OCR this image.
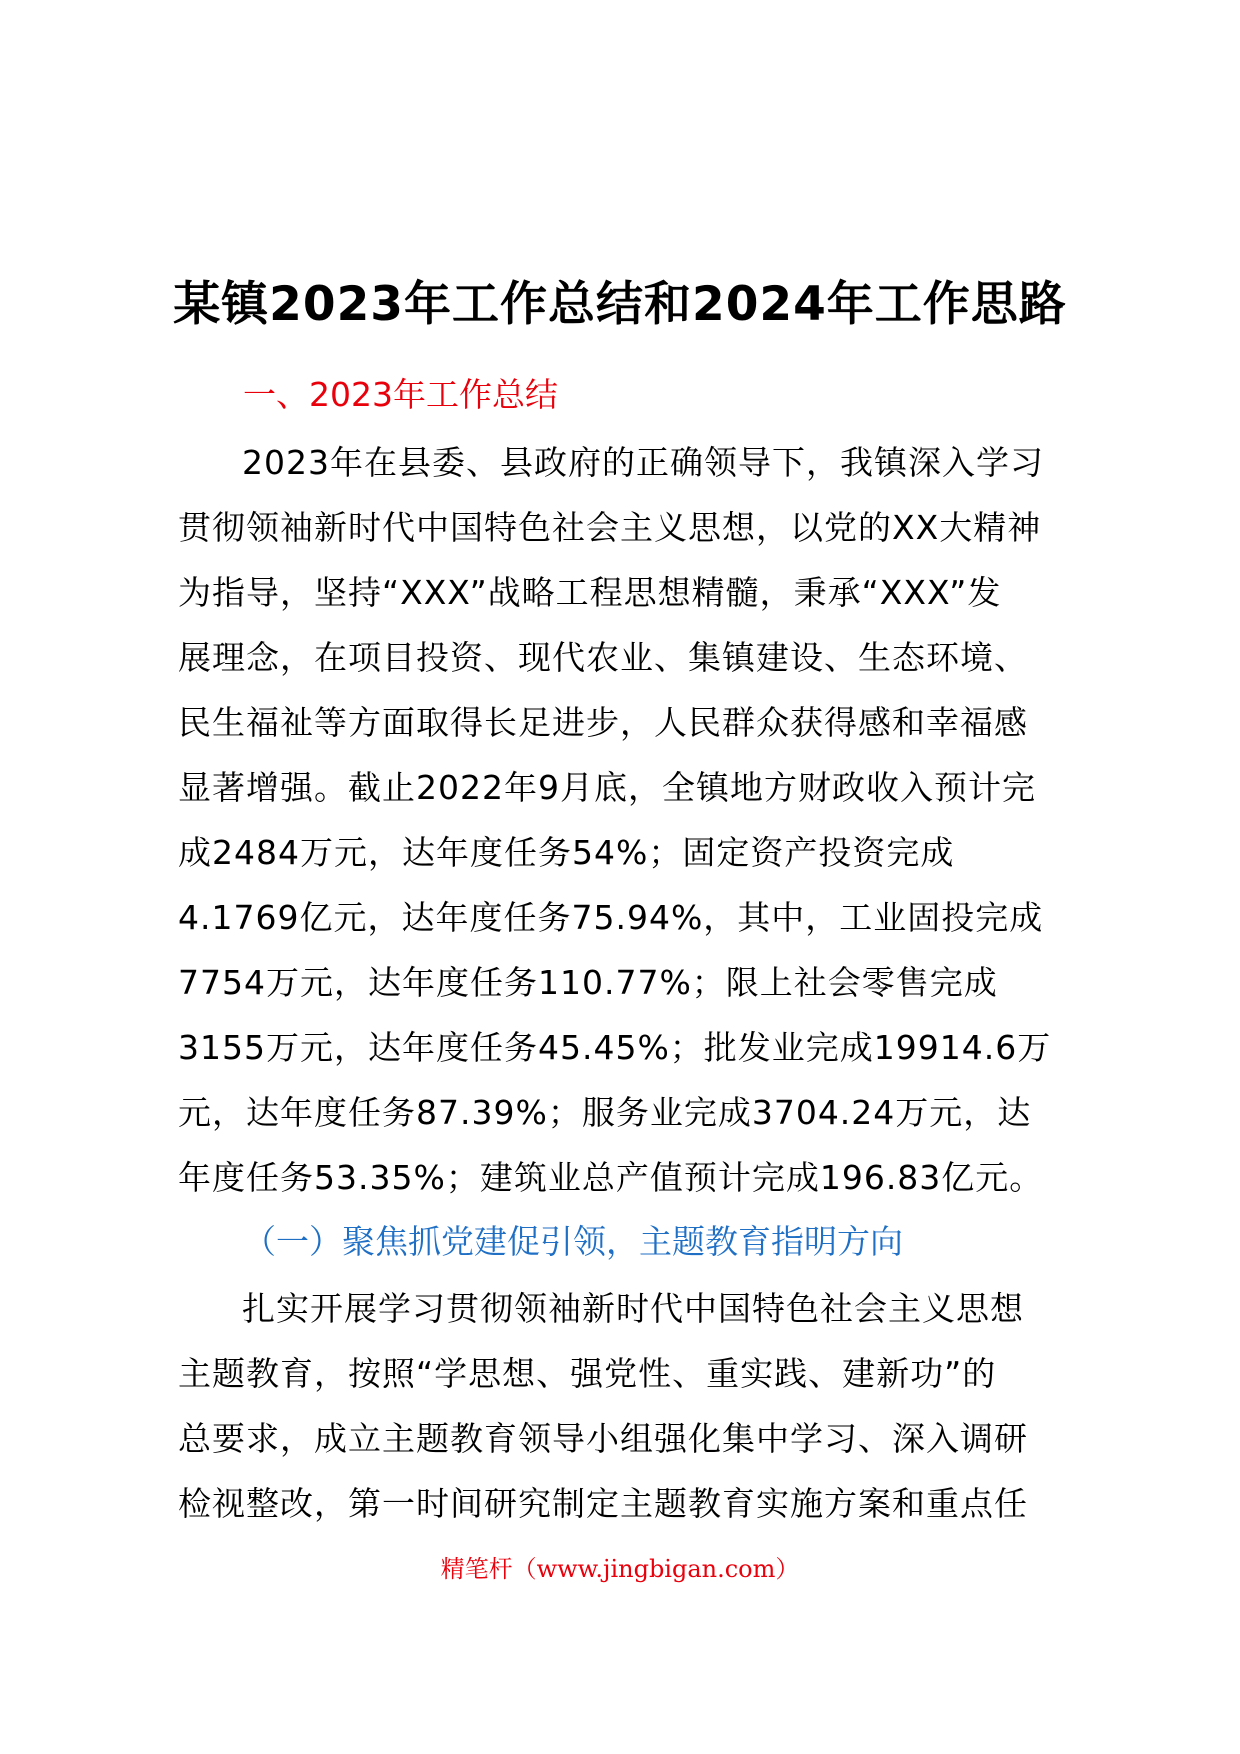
某镇2023年工作总结和2024年工作思路
一、2023年工作总结
2023年在县委、县政府的正确领导下，我镇深入学习
贯彻领袖新时代中国特色社会主义思想，以党的XX大精神
为指导，坚持“XXX”战略工程思想精髓，秉承“XXX”发
展理念，在项目投资、现代农业、集镇建设、生态环境、
民生福祉等方面取得长足进步，人民群众获得感和幸福感
显著增强。截止2022年9月底，全镇地方财政收入预计完
成2484万元，达年度任务54%；固定资产投资完成
4.1769亿元，达年度任务75.94%，其中，工业固投完成
7754万元，达年度任务110.77%；限上社会零售完成
3155万元，达年度任务45.45%；批发业完成19914.6万
元，达年度任务87.39%；服务业完成3704.24万元，达
年度任务53.35%；建筑业总产值预计完成196.83亿元。
（一）聚焦抓党建促引领，主题教育指明方向
扎实开展学习贯彻领袖新时代中国特色社会主义思想
主题教育，按照“学思想、强党性、重实践、建新功”的
总要求，成立主题教育领导小组强化集中学习、深入调研
检视整改，第一时间研究制定主题教育实施方案和重点任
精笔杆（www.jingbigan.com）
